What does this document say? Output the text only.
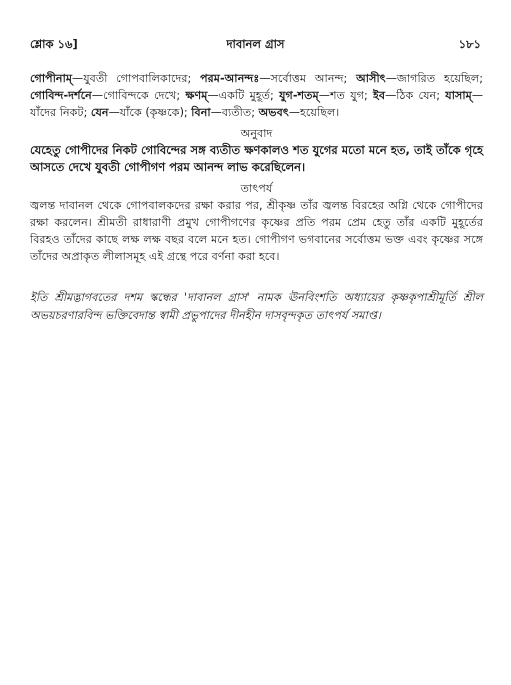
শ্লোক ১৬]	দাবানল গ্রাস	১৮১

গোপীনাম্—যুবতী গোপবালিকাদের; পরম-আনন্দঃ—সর্বোত্তম আনন্দ; আসীৎ—জাগরিত হয়েছিল; গোবিন্দ-দর্শনে—গোবিন্দকে দেখে; ক্ষণম্—একটি মুহূর্ত; যুগ-শতম্—শত যুগ; ইব—ঠিক যেন; যাসাম্—যাঁদের নিকট; যেন—যাঁকে (কৃষ্ণকে); বিনা—ব্যতীত; অভবৎ—হয়েছিল।

অনুবাদ

যেহেতু গোপীদের নিকট গোবিন্দের সঙ্গ ব্যতীত ক্ষণকালও শত যুগের মতো মনে হত, তাই তাঁকে গৃহে আসতে দেখে যুবতী গোপীগণ পরম আনন্দ লাভ করেছিলেন।

তাৎপর্য

জ্বলন্ত দাবানল থেকে গোপবালকদের রক্ষা করার পর, শ্রীকৃষ্ণ তাঁর জ্বলন্ত বিরহের অগ্নি থেকে গোপীদের রক্ষা করলেন। শ্রীমতী রাধারাণী প্রমুখ গোপীগণের কৃষ্ণের প্রতি পরম প্রেম হেতু তাঁর একটি মুহূর্তের বিরহও তাঁদের কাছে লক্ষ লক্ষ বছর বলে মনে হত। গোপীগণ ভগবানের সর্বোত্তম ভক্ত এবং কৃষ্ণের সঙ্গে তাঁদের অপ্রাকৃত লীলাসমূহ এই গ্রন্থে পরে বর্ণনা করা হবে।

ইতি শ্রীমদ্ভাগবতের দশম স্কন্ধের 'দাবানল গ্রাস' নামক ঊনবিংশতি অধ্যায়ের কৃষ্ণকৃপাশ্রীমূর্তি শ্রীল অভয়চরণারবিন্দ ভক্তিবেদান্ত স্বামী প্রভুপাদের দীনহীন দাসবৃন্দকৃত তাৎপর্য সমাপ্ত।
